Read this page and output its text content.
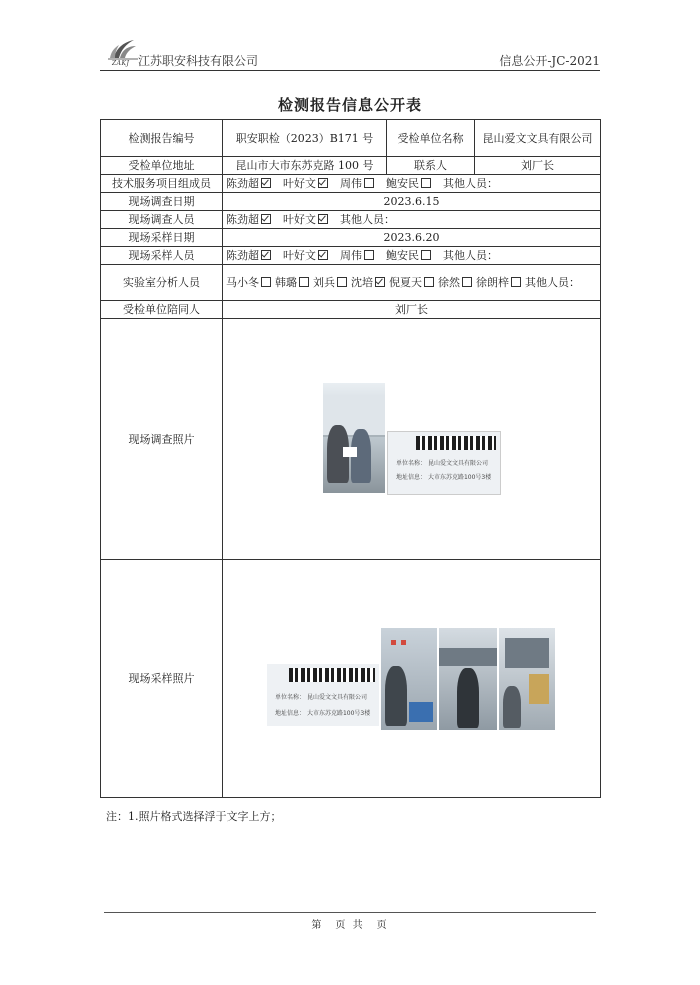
ZAKJ 江苏职安科技有限公司	信息公开-JC-2021
检测报告信息公开表
检测报告编号	职安职检（2023）B171 号	受检单位名称	昆山爱文文具有限公司
受检单位地址	昆山市大市东苏克路 100 号	联系人	刘厂长
技术服务项目组成员	陈劲超 叶好文 周伟 鲍安民 其他人员：		
现场调查日期	2023.6.15		
现场调查人员	陈劲超 叶好文 其他人员：		
现场采样日期	2023.6.20		
现场采样人员	陈劲超 叶好文 周伟 鲍安民 其他人员：		
实验室分析人员	马小冬 韩璐 刘兵 沈培 倪夏天 徐然 徐朗梓 其他人员：		
受检单位陪同人	刘厂长		
现场调查照片	单位名称： 昆山爱文文具有限公司
地址信息： 大市东苏克路100号3楼		

现场采样照片	单位名称： 昆山爱文文具有限公司
地址信息： 大市东苏克路100号3楼		
注：1.照片格式选择浮于文字上方；
第　页 共　页
